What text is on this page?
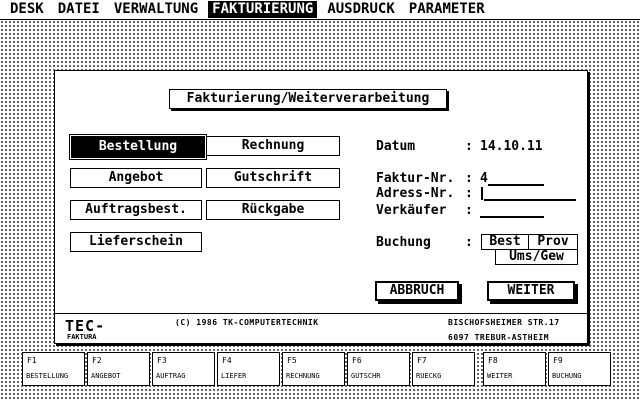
DESK DATEI VERWALTUNG FAKTURIERUNG AUSDRUCK PARAMETER
Fakturierung/Weiterverarbeitung
Bestellung	Rechnung
Angebot	Gutschrift
Auftragsbest.	Rückgabe
Lieferschein
Datum	: 14.10.11
Faktur-Nr. : 4
Adress-Nr. :
Verkäufer :
Buchung	:	Best	Prov
Ums/Gew
ABBRUCH	WEITER
TEC-
FAKTURA
(C) 1986 TK-COMPUTERTECHNIK	BISCHOFSHEIMER STR.17
6097 TREBUR-ASTHEIM
F1
BESTELLUNG
F2
ANGEBOT
F3
AUFTRAG
F4
LIEFER
F5
RECHNUNG
F6
GUTSCHR
F7
RUECKG
F8
WEITER
F9
BUCHUNG
